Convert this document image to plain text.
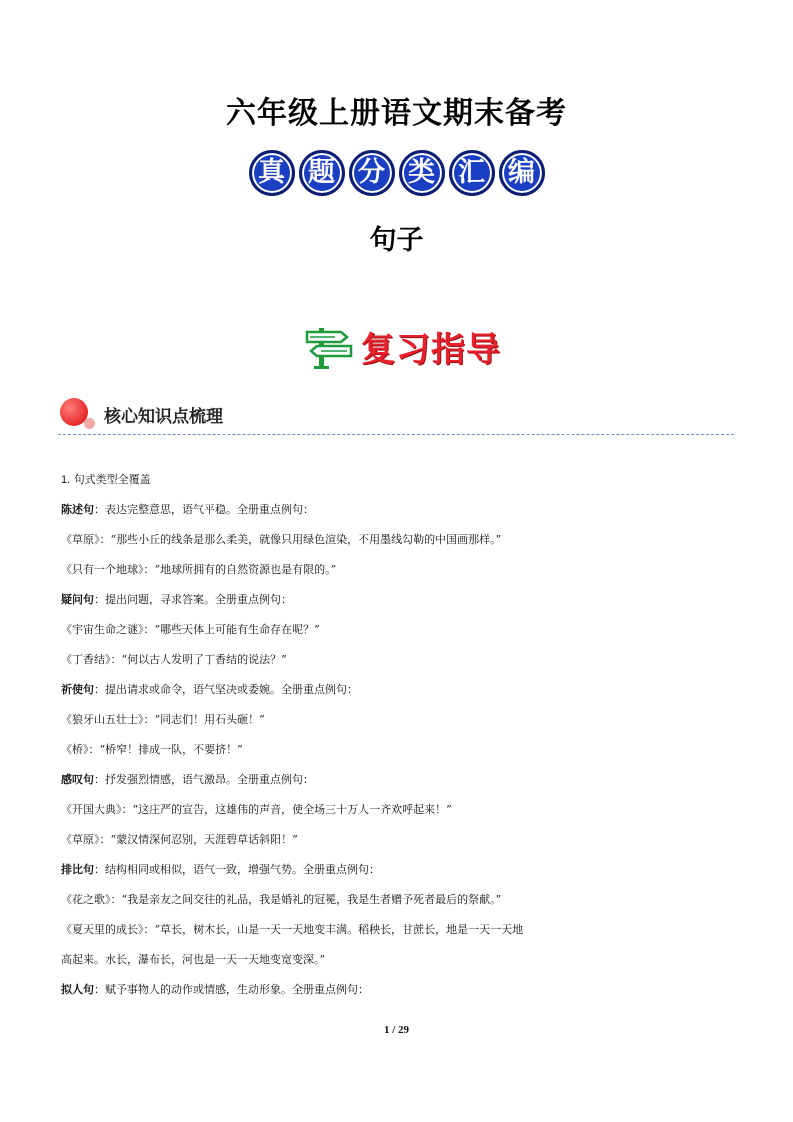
六年级上册语文期末备考
真 题 分 类 汇 编
句子
复习指导
核心知识点梳理
1. 句式类型全覆盖
陈述句：表达完整意思，语气平稳。全册重点例句：
《草原》：“那些小丘的线条是那么柔美，就像只用绿色渲染，不用墨线勾勒的中国画那样。”
《只有一个地球》：“地球所拥有的自然资源也是有限的。”
疑问句：提出问题，寻求答案。全册重点例句：
《宇宙生命之谜》：“哪些天体上可能有生命存在呢？”
《丁香结》：“何以古人发明了丁香结的说法？”
祈使句：提出请求或命令，语气坚决或委婉。全册重点例句：
《狼牙山五壮士》：“同志们！用石头砸！”
《桥》：“桥窄！排成一队，不要挤！”
感叹句：抒发强烈情感，语气激昂。全册重点例句：
《开国大典》：“这庄严的宣告，这雄伟的声音，使全场三十万人一齐欢呼起来！”
《草原》：“蒙汉情深何忍别，天涯碧草话斜阳！”
排比句：结构相同或相似，语气一致，增强气势。全册重点例句：
《花之歌》：“我是亲友之间交往的礼品，我是婚礼的冠冕，我是生者赠予死者最后的祭献。”
《夏天里的成长》：“草长，树木长，山是一天一天地变丰满。稻秧长，甘蔗长，地是一天一天地
高起来。水长，瀑布长，河也是一天一天地变宽变深。”
拟人句：赋予事物人的动作或情感，生动形象。全册重点例句：
1 / 29
